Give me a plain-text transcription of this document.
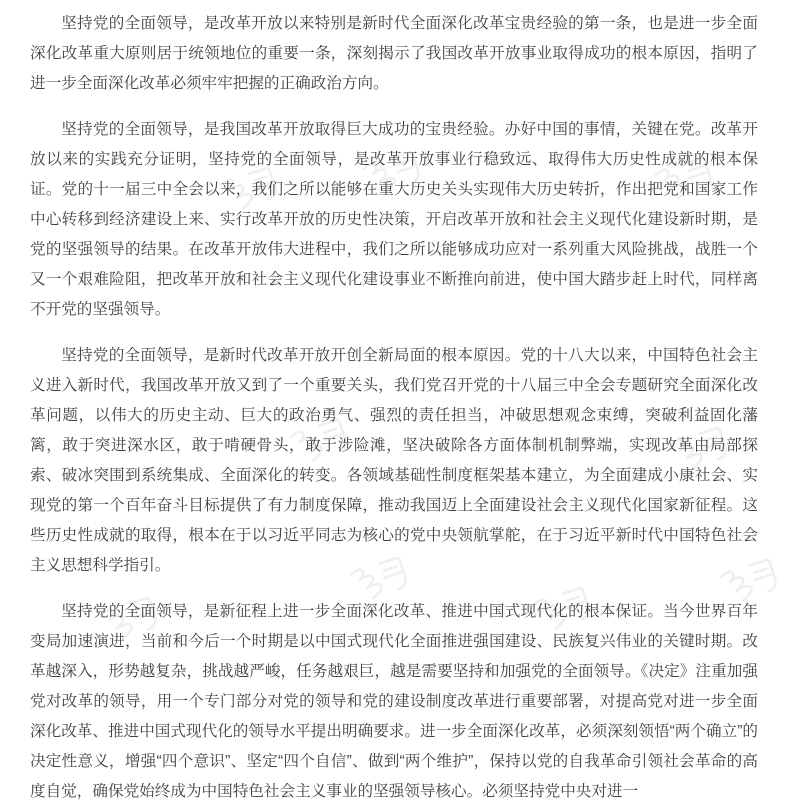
坚持党的全面领导，是改革开放以来特别是新时代全面深化改革宝贵经验的第一条，也是进一步全面深化改革重大原则居于统领地位的重要一条，深刻揭示了我国改革开放事业取得成功的根本原因，指明了进一步全面深化改革必须牢牢把握的正确政治方向。

坚持党的全面领导，是我国改革开放取得巨大成功的宝贵经验。办好中国的事情，关键在党。改革开放以来的实践充分证明，坚持党的全面领导，是改革开放事业行稳致远、取得伟大历史性成就的根本保证。党的十一届三中全会以来，我们之所以能够在重大历史关头实现伟大历史转折，作出把党和国家工作中心转移到经济建设上来、实行改革开放的历史性决策，开启改革开放和社会主义现代化建设新时期，是党的坚强领导的结果。在改革开放伟大进程中，我们之所以能够成功应对一系列重大风险挑战，战胜一个又一个艰难险阻，把改革开放和社会主义现代化建设事业不断推向前进，使中国大踏步赶上时代，同样离不开党的坚强领导。

坚持党的全面领导，是新时代改革开放开创全新局面的根本原因。党的十八大以来，中国特色社会主义进入新时代，我国改革开放又到了一个重要关头，我们党召开党的十八届三中全会专题研究全面深化改革问题，以伟大的历史主动、巨大的政治勇气、强烈的责任担当，冲破思想观念束缚，突破利益固化藩篱，敢于突进深水区，敢于啃硬骨头，敢于涉险滩，坚决破除各方面体制机制弊端，实现改革由局部探索、破冰突围到系统集成、全面深化的转变。各领域基础性制度框架基本建立，为全面建成小康社会、实现党的第一个百年奋斗目标提供了有力制度保障，推动我国迈上全面建设社会主义现代化国家新征程。这些历史性成就的取得，根本在于以习近平同志为核心的党中央领航掌舵，在于习近平新时代中国特色社会主义思想科学指引。

坚持党的全面领导，是新征程上进一步全面深化改革、推进中国式现代化的根本保证。当今世界百年变局加速演进，当前和今后一个时期是以中国式现代化全面推进强国建设、民族复兴伟业的关键时期。改革越深入，形势越复杂，挑战越严峻，任务越艰巨，越是需要坚持和加强党的全面领导。《决定》注重加强党对改革的领导，用一个专门部分对党的领导和党的建设制度改革进行重要部署，对提高党对进一步全面深化改革、推进中国式现代化的领导水平提出明确要求。进一步全面深化改革，必须深刻领悟“两个确立”的决定性意义，增强“四个意识”、坚定“四个自信”、做到“两个维护”，保持以党的自我革命引领社会革命的高度自觉，确保党始终成为中国特色社会主义事业的坚强领导核心。必须坚持党中央对进一
